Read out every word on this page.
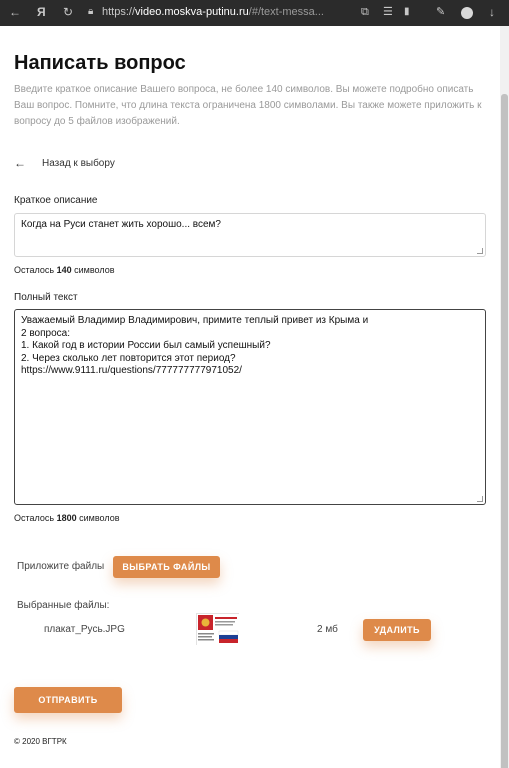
← Я ↻ 🔒︎ https://video.moskva-putinu.ru/#/text-messa...	⧉ ☰ ▮ ✎	↓
Написать вопрос

Введите краткое описание Вашего вопроса, не более 140 символов. Вы можете подробно описать Ваш вопрос. Помните, что длина текста ограничена 1800 символами. Вы также можете приложить к вопросу до 5 файлов изображений.

← Назад к выбору
Краткое описание
Когда на Руси станет жить хорошо... всем?
Осталось 140 символов
Полный текст
Уважаемый Владимир Владимирович, примите теплый привет из Крыма и
2 вопроса:
1. Какой год в истории России был самый успешный?
2. Через сколько лет повторится этот период?
https://www.9111.ru/questions/777777777971052/
Осталось 1800 символов
Приложите файлы	ВЫБРАТЬ ФАЙЛЫ
Выбранные файлы:
плакат_Русь.JPG	2 мб	УДАЛИТЬ
ОТПРАВИТЬ
© 2020 ВГТРК
